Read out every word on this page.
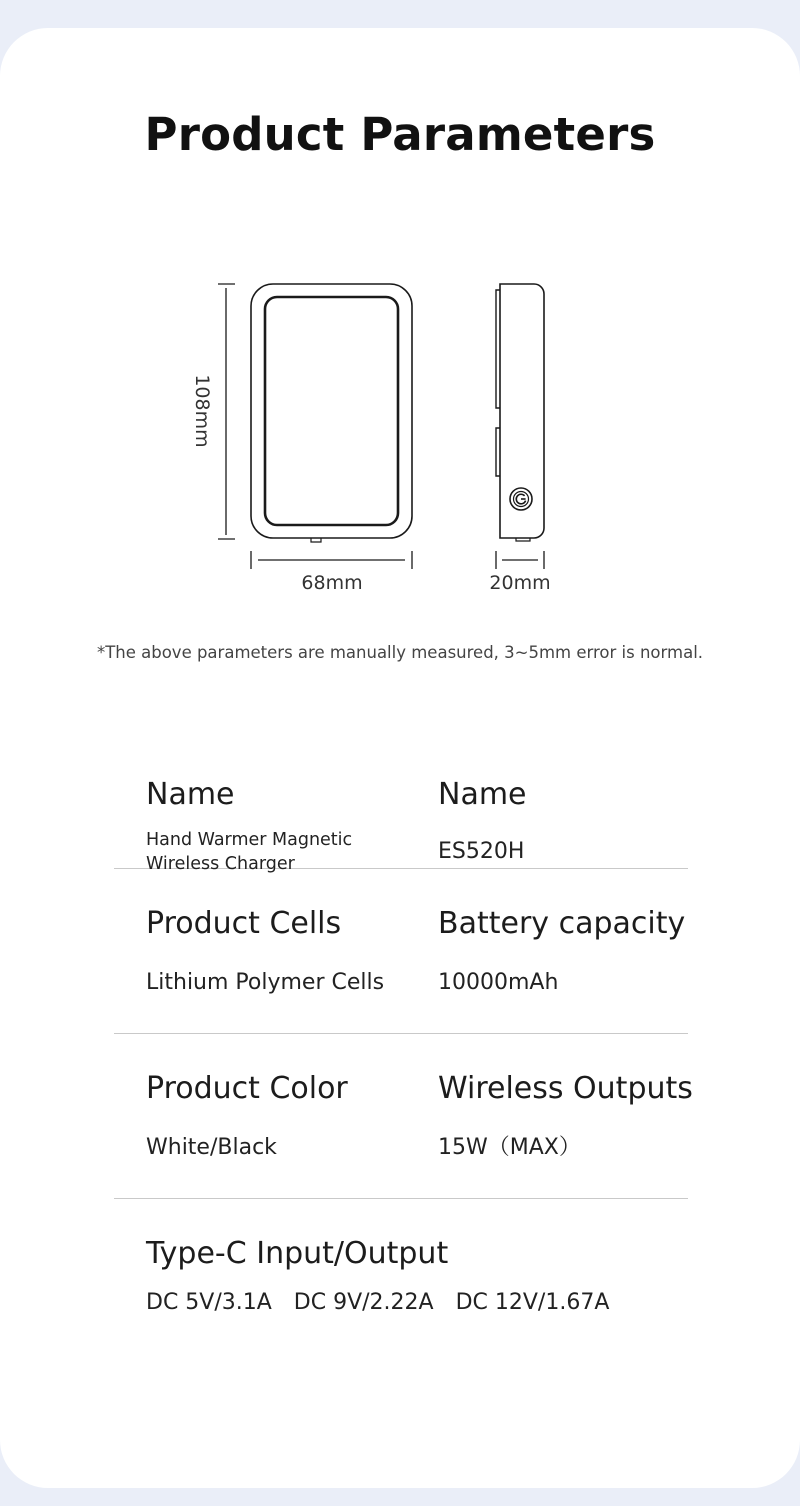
Product Parameters
108mm
68mm	20mm
*The above parameters are manually measured, 3~5mm error is normal.
Name
Hand Warmer Magnetic Wireless Charger
Name
ES520H
Product Cells
Lithium Polymer Cells
Battery capacity
10000mAh
Product Color
White/Black
Wireless Outputs
15W（MAX）
Type-C Input/Output
DC 5V/3.1A DC 9V/2.22A DC 12V/1.67A
